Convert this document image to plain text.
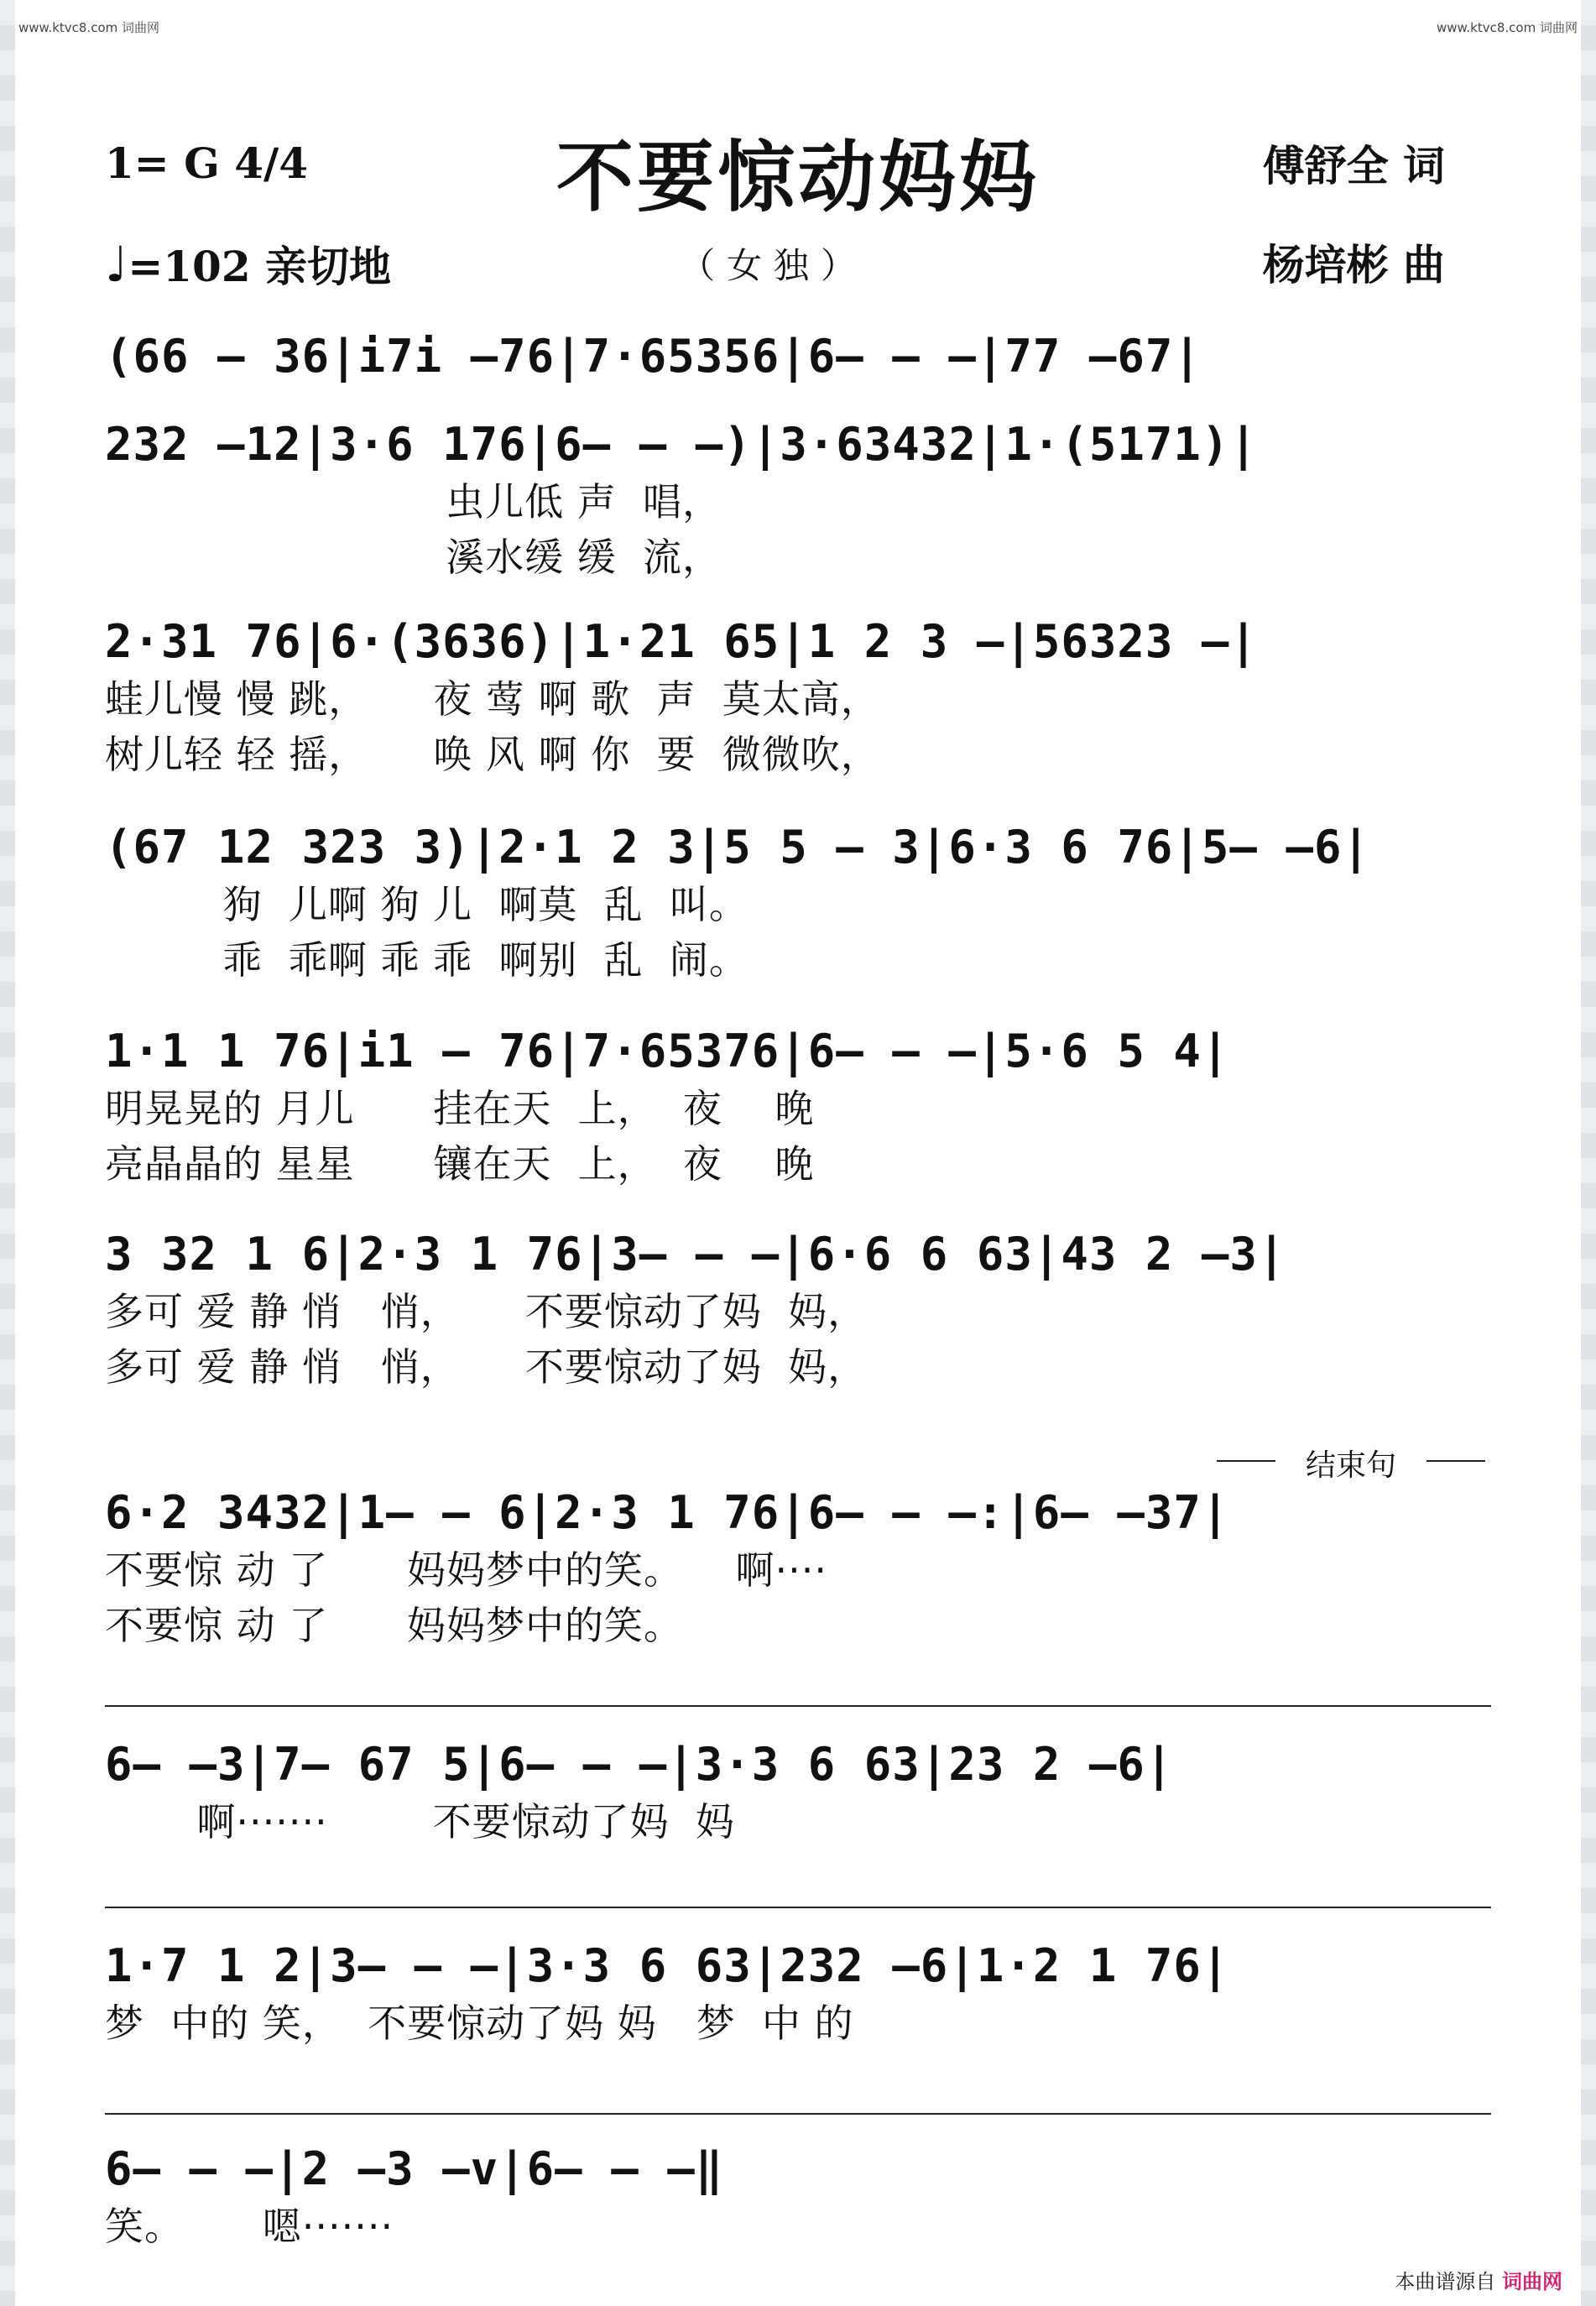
www.ktvc8.com 词曲网	www.ktvc8.com 词曲网
1= G 4/4	不要惊动妈妈	傅舒全 词
♩=102 亲切地	（女独）	杨培彬 曲
(66 — 36|i7i —76|7·65356|6— — —|77 —67|
232 —12|3·6 176|6— — —)|3·63432|1·(5171)|
虫儿低 声  唱，
溪水缓 缓  流，
2·31 76|6·(3636)|1·21 65|1 2 3 —|56323 —|
蛙儿慢 慢 跳，     夜 莺 啊 歌  声  莫太高，
树儿轻 轻 摇，     唤 风 啊 你  要  微微吹，
(67 12 323 3)|2·1 2 3|5 5 — 3|6·3 6 76|5— —6|
狗  儿啊 狗 儿  啊莫  乱  叫。
乖  乖啊 乖 乖  啊别  乱  闹。
1·1 1 76|i1 — 76|7·65376|6— — —|5·6 5 4|
明晃晃的 月儿      挂在天  上，  夜    晚
亮晶晶的 星星      镶在天  上，  夜    晚
3 32 1 6|2·3 1 76|3— — —|6·6 6 63|43 2 —3|
多可 爱 静 悄   悄，     不要惊动了妈  妈，
多可 爱 静 悄   悄，     不要惊动了妈  妈，
结束句
6·2 3432|1— — 6|2·3 1 76|6— — —:|6— —37|
不要惊 动 了      妈妈梦中的笑。    啊····
不要惊 动 了      妈妈梦中的笑。
6— —3|7— 67 5|6— — —|3·3 6 63|23 2 —6|
啊·······        不要惊动了妈  妈
1·7 1 2|3— — —|3·3 6 63|232 —6|1·2 1 76|
梦  中的 笑，  不要惊动了妈 妈   梦  中 的
6— — —|2 —3 —v|6— — —‖
笑。      嗯·······
本曲谱源自 词曲网
